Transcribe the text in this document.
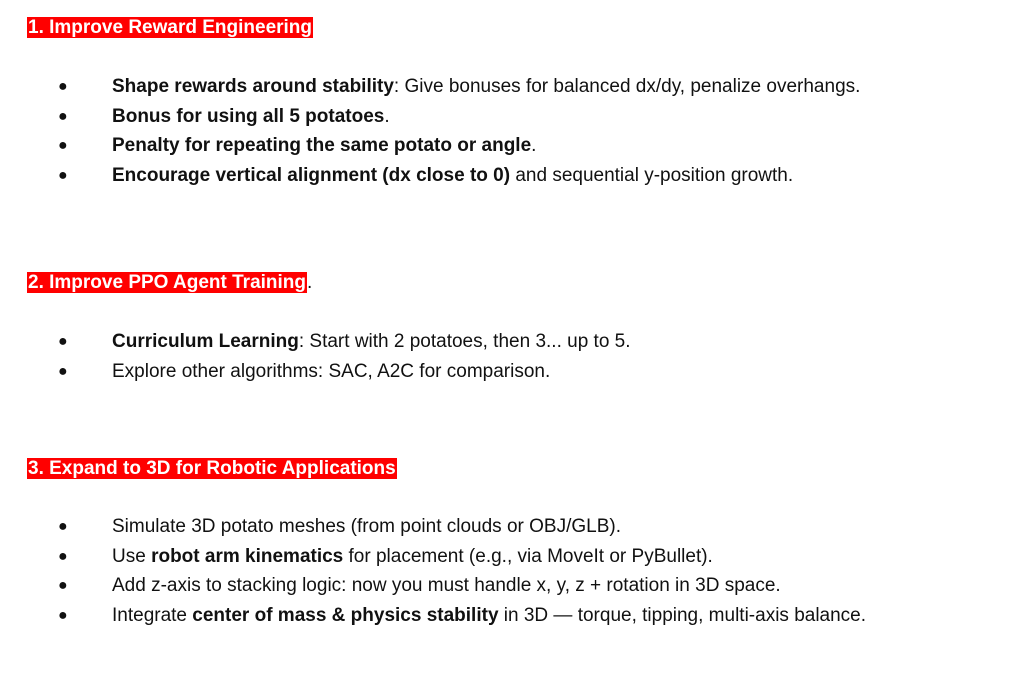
1. Improve Reward Engineering
● Shape rewards around stability: Give bonuses for balanced dx/dy, penalize overhangs.
● Bonus for using all 5 potatoes.
● Penalty for repeating the same potato or angle.
● Encourage vertical alignment (dx close to 0) and sequential y-position growth.
2. Improve PPO Agent Training.
● Curriculum Learning: Start with 2 potatoes, then 3... up to 5.
● Explore other algorithms: SAC, A2C for comparison.
3. Expand to 3D for Robotic Applications
● Simulate 3D potato meshes (from point clouds or OBJ/GLB).
● Use robot arm kinematics for placement (e.g., via MoveIt or PyBullet).
● Add z-axis to stacking logic: now you must handle x, y, z + rotation in 3D space.
● Integrate center of mass & physics stability in 3D — torque, tipping, multi-axis balance.
